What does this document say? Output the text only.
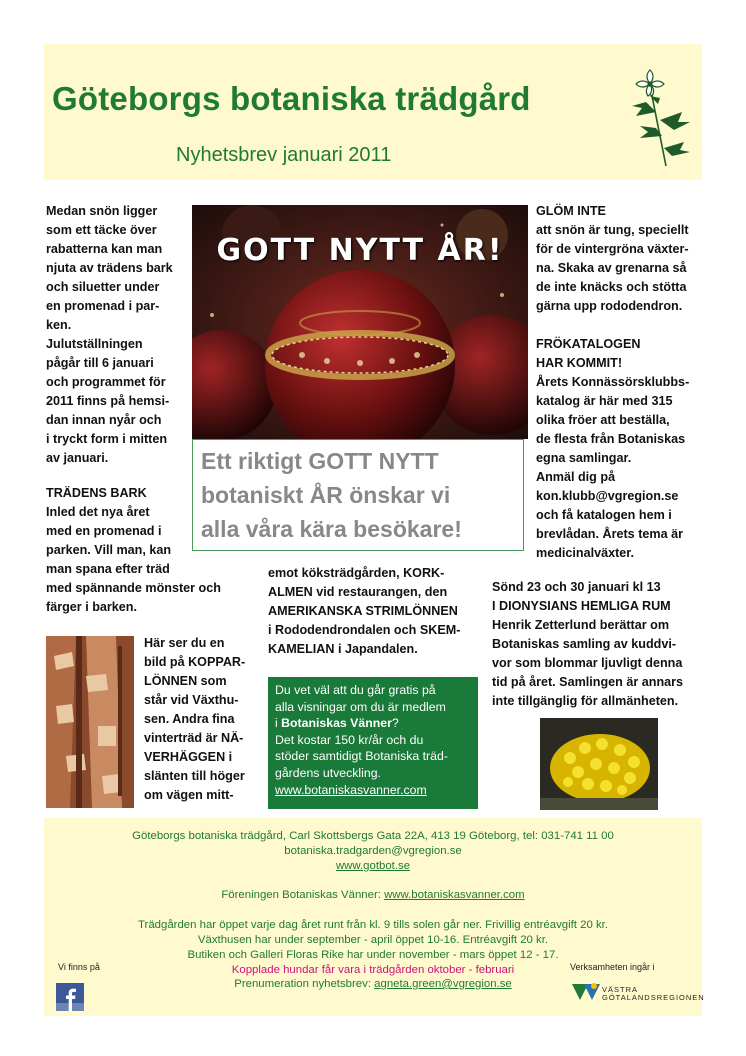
Göteborgs botaniska trädgård
Nyhetsbrev januari 2011
Medan snön ligger
som ett täcke över
rabatterna kan man
njuta av trädens bark
och siluetter under
en promenad i par-
ken.
Julutställningen
pågår till 6 januari
och programmet för
2011 finns på hemsi-
dan innan nyår och
i tryckt form i mitten
av januari.
TRÄDENS BARK
Inled det nya året
med en promenad i
parken. Vill man, kan
man spana efter träd
med spännande mönster och
färger i barken.
GOTT NYTT ÅR!
Ett riktigt GOTT NYTT
botaniskt ÅR önskar vi
alla våra kära besökare!
Här ser du en
bild på KOPPAR-
LÖNNEN som
står vid Växthu-
sen. Andra fina
vinterträd är NÄ-
VERHÄGGEN i
slänten till höger
om vägen mitt-
emot köksträdgården, KORK-
ALMEN vid restaurangen, den
AMERIKANSKA STRIMLÖNNEN
i Rododendrondalen och SKEM-
KAMELIAN i Japandalen.
Du vet väl att du går gratis på
alla visningar om du är medlem
i Botaniskas Vänner?
Det kostar 150 kr/år och du
stöder samtidigt Botaniska träd-
gårdens utveckling.
www.botaniskasvanner.com
GLÖM INTE
att snön är tung, speciellt
för de vintergröna växter-
na. Skaka av grenarna så
de inte knäcks och stötta
gärna upp rododendron.

FRÖKATALOGEN
HAR KOMMIT!
Årets Konnässörsklubbs-
katalog är här med 315
olika fröer att beställa,
de flesta från Botaniskas
egna samlingar.
Anmäl dig på
kon.klubb@vgregion.se
och få katalogen hem i
brevlådan. Årets tema är
medicinalväxter.
Sönd 23 och 30 januari kl 13
I DIONYSIANS HEMLIGA RUM
Henrik Zetterlund berättar om
Botaniskas samling av kuddvi-
vor som blommar ljuvligt denna
tid på året. Samlingen är annars
inte tillgänglig för allmänheten.
Göteborgs botaniska trädgård, Carl Skottsbergs Gata 22A, 413 19 Göteborg, tel: 031-741 11 00
botaniska.tradgarden@vgregion.se
www.gotbot.se
Föreningen Botaniskas Vänner: www.botaniskasvanner.com
Trädgården har öppet varje dag året runt från kl. 9 tills solen går ner. Frivillig entréavgift 20 kr.
Växthusen har under september - april öppet 10-16. Entréavgift 20 kr.
Butiken och Galleri Floras Rike har under november - mars öppet 12 - 17.
Kopplade hundar får vara i trädgården oktober - februari
Prenumeration nyhetsbrev: agneta.green@vgregion.se
Vi finns på	Verksamheten ingår i
VÄSTRA
GÖTALANDSREGIONEN
